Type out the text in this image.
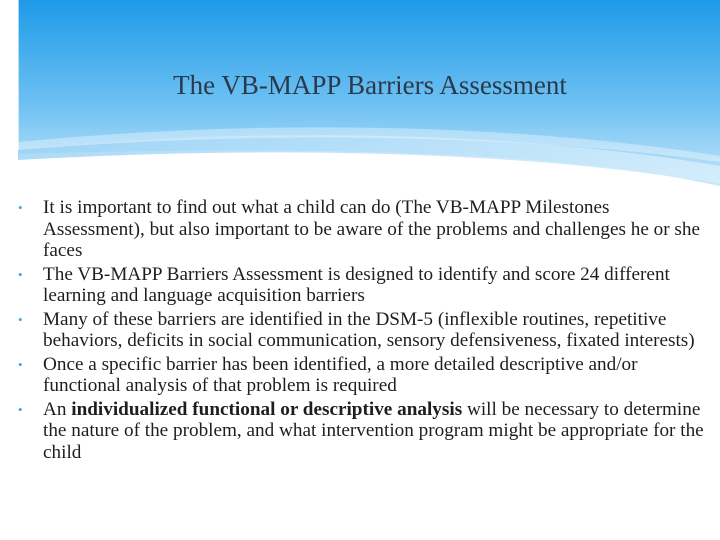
The VB-MAPP Barriers Assessment
• It is important to find out what a child can do (The VB-MAPP Milestones Assessment), but also important to be aware of the problems and challenges he or she faces
• The VB-MAPP Barriers Assessment is designed to identify and score 24 different learning and language acquisition barriers
• Many of these barriers are identified in the DSM-5 (inflexible routines, repetitive behaviors, deficits in social communication, sensory defensiveness, fixated interests)
• Once a specific barrier has been identified, a more detailed descriptive and/or functional analysis of that problem is required
• An individualized functional or descriptive analysis will be necessary to determine the nature of the problem, and what intervention program might be appropriate for the child
